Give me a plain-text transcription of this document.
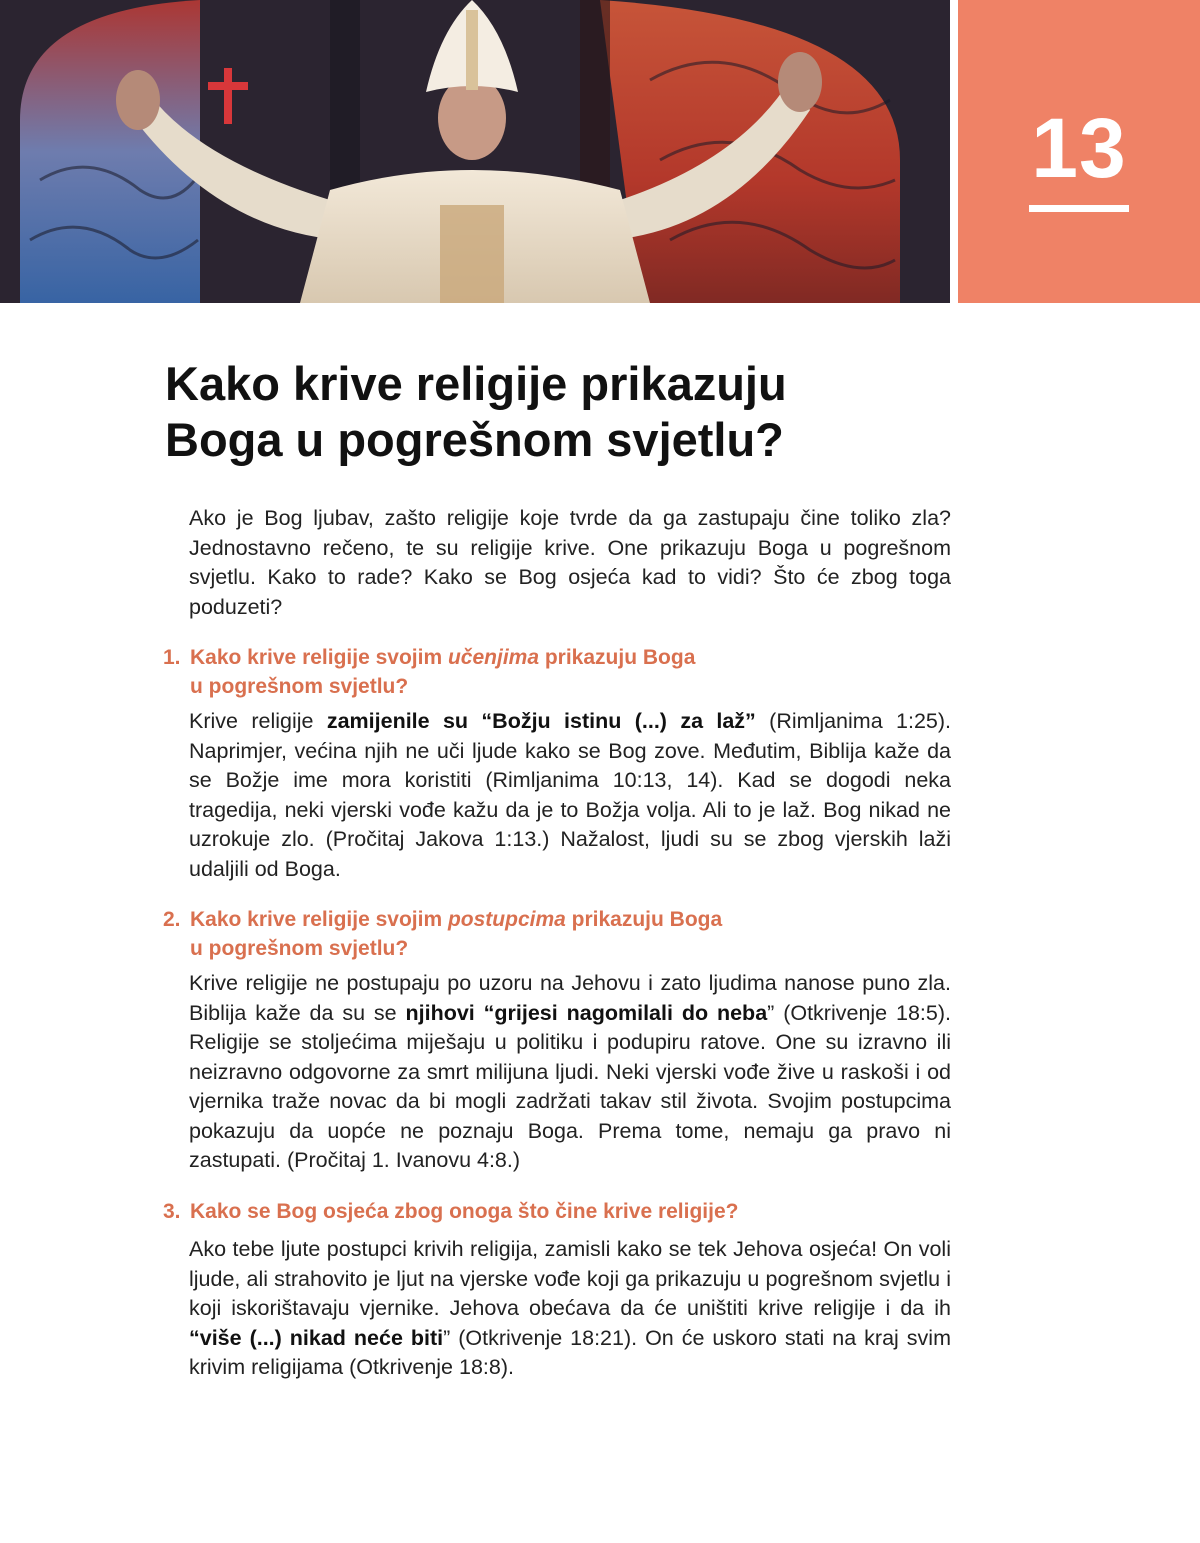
13
Kako krive religije prikazuju
Boga u pogrešnom svjetlu?

Ako je Bog ljubav, zašto religije koje tvrde da ga zastupaju čine toliko zla? Jednostavno rečeno, te su religije krive. One prikazuju Boga u pogrešnom svjetlu. Kako to rade? Kako se Bog osjeća kad to vidi? Što će zbog toga poduzeti?

1. Kako krive religije svojim učenjima prikazuju Boga
u pogrešnom svjetlu?

Krive religije zamijenile su “Božju istinu (...) za laž” (Rimljanima 1:25). Naprimjer, većina njih ne uči ljude kako se Bog zove. Međutim, Biblija kaže da se Božje ime mora koristiti (Rimljanima 10:13, 14). Kad se dogodi neka tragedija, neki vjerski vođe kažu da je to Božja volja. Ali to je laž. Bog nikad ne uzrokuje zlo. (Pročitaj Jakova 1:13.) Nažalost, ljudi su se zbog vjerskih laži udaljili od Boga.

2. Kako krive religije svojim postupcima prikazuju Boga
u pogrešnom svjetlu?

Krive religije ne postupaju po uzoru na Jehovu i zato ljudima nanose puno zla. Biblija kaže da su se njihovi “grijesi nagomilali do neba” (Otkrivenje 18:5). Religije se stoljećima miješaju u politiku i podupiru ratove. One su izravno ili neizravno odgovorne za smrt milijuna ljudi. Neki vjerski vođe žive u raskoši i od vjernika traže novac da bi mogli zadržati takav stil života. Svojim postupcima pokazuju da uopće ne poznaju Boga. Prema tome, nemaju ga pravo ni zastupati. (Pročitaj 1. Ivanovu 4:8.)

3. Kako se Bog osjeća zbog onoga što čine krive religije?

Ako tebe ljute postupci krivih religija, zamisli kako se tek Jehova osjeća! On voli ljude, ali strahovito je ljut na vjerske vođe koji ga prikazuju u pogrešnom svjetlu i koji iskorištavaju vjernike. Jehova obećava da će uništiti krive religije i da ih “više (...) nikad neće biti” (Otkrivenje 18:21). On će uskoro stati na kraj svim krivim religijama (Otkrivenje 18:8).
